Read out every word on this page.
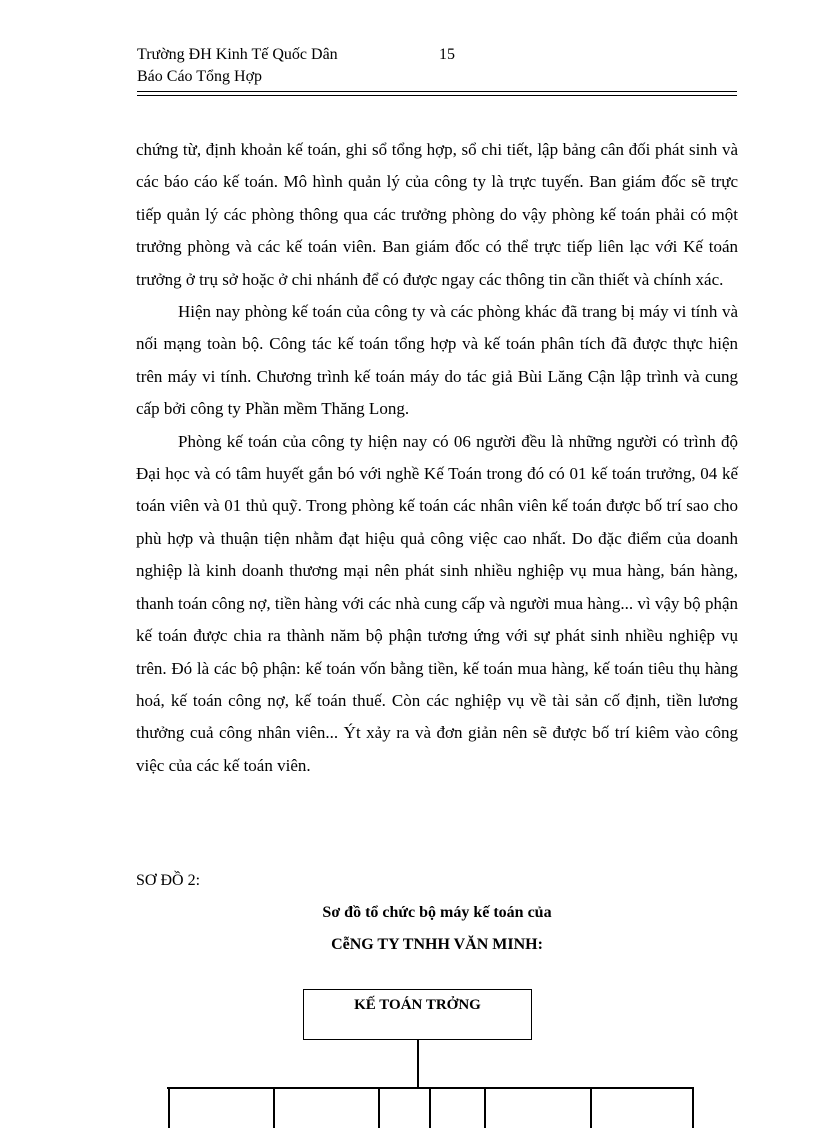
Trường ĐH Kinh Tế Quốc Dân	15
Báo Cáo Tổng Hợp

chứng từ, định khoản kế toán, ghi sổ tổng hợp, sổ chi tiết, lập bảng cân đối phát sinh và các báo cáo kế toán. Mô hình quản lý của công ty là trực tuyến. Ban giám đốc sẽ trực tiếp quản lý các phòng thông qua các trưởng phòng do vậy phòng kế toán phải có một trưởng phòng và các kế toán viên. Ban giám đốc có thể trực tiếp liên lạc với Kế toán trưởng ở trụ sở hoặc ở chi nhánh để có được ngay các thông tin cần thiết và chính xác.

Hiện nay phòng kế toán của công ty và các phòng khác đã trang bị máy vi tính và nối mạng toàn bộ. Công tác kế toán tổng hợp và kế toán phân tích đã được thực hiện trên máy vi tính. Chương trình kế toán máy do tác giả Bùi Lăng Cận lập trình và cung cấp bởi công ty Phần mềm Thăng Long.

Phòng kế toán của công ty hiện nay có 06 người đều là những người có trình độ Đại học và có tâm huyết gắn bó với nghề Kế Toán trong đó có 01 kế toán trưởng, 04 kế toán viên và 01 thủ quỹ. Trong phòng kế toán các nhân viên kế toán được bố trí sao cho phù hợp và thuận tiện nhằm đạt hiệu quả công việc cao nhất. Do đặc điểm của doanh nghiệp là kinh doanh thương mại nên phát sinh nhiều nghiệp vụ mua hàng, bán hàng, thanh toán công nợ, tiền hàng với các nhà cung cấp và người mua hàng... vì vậy bộ phận kế toán được chia ra thành năm bộ phận tương ứng với sự phát sinh nhiều nghiệp vụ trên. Đó là các bộ phận: kế toán vốn bằng tiền, kế toán mua hàng, kế toán tiêu thụ hàng hoá, kế toán công nợ, kế toán thuế. Còn các nghiệp vụ về tài sản cố định, tiền lương thưởng cuả công nhân viên... Ýt xảy ra và đơn giản nên sẽ được bố trí kiêm vào công việc của các kế toán viên.

SƠ ĐỒ 2:
Sơ đồ tổ chức bộ máy kế toán của
CễNG TY TNHH VĂN MINH:
KẾ TOÁN TRỞNG
